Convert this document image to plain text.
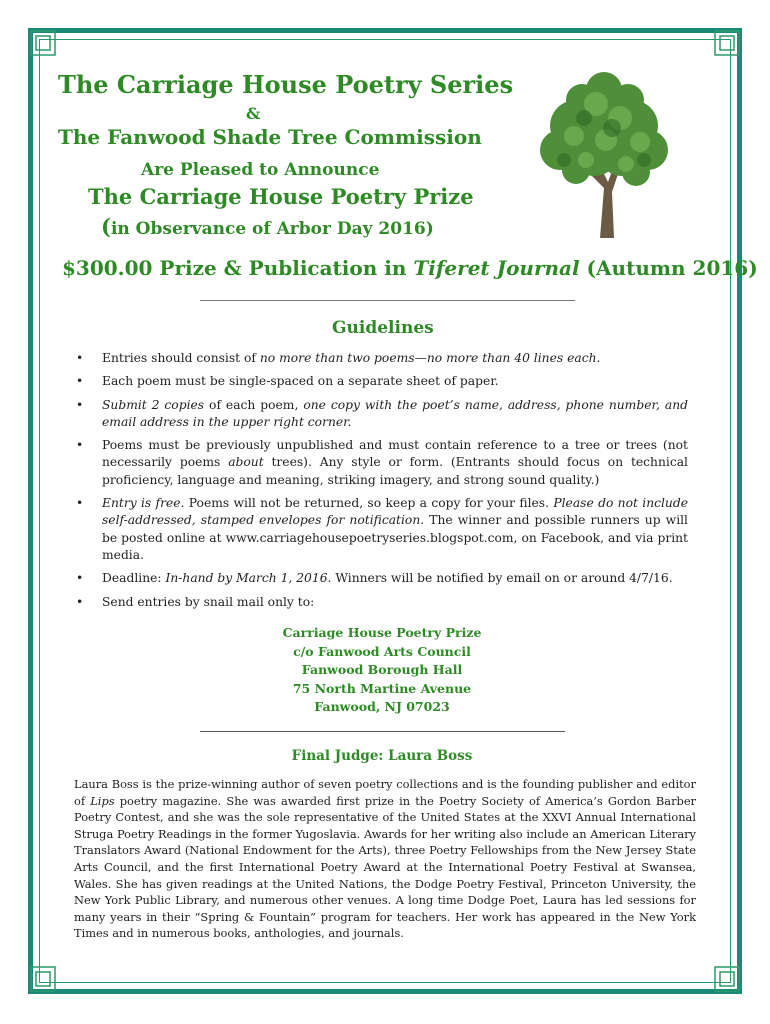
The Carriage House Poetry Series
&
The Fanwood Shade Tree Commission
Are Pleased to Announce
The Carriage House Poetry Prize
(in Observance of Arbor Day 2016)
$300.00 Prize & Publication in Tiferet Journal (Autumn 2016)
Guidelines
• Entries should consist of no more than two poems—no more than 40 lines each.
• Each poem must be single-spaced on a separate sheet of paper.
• Submit 2 copies of each poem, one copy with the poet’s name, address, phone number, and email address in the upper right corner.
• Poems must be previously unpublished and must contain reference to a tree or trees (not necessarily poems about trees). Any style or form. (Entrants should focus on technical proficiency, language and meaning, striking imagery, and strong sound quality.)
• Entry is free. Poems will not be returned, so keep a copy for your files. Please do not include self-addressed, stamped envelopes for notification. The winner and possible runners up will be posted online at www.carriagehousepoetryseries.blogspot.com, on Facebook, and via print media.
• Deadline: In-hand by March 1, 2016. Winners will be notified by email on or around 4/7/16.
• Send entries by snail mail only to:
Carriage House Poetry Prize
c/o Fanwood Arts Council
Fanwood Borough Hall
75 North Martine Avenue
Fanwood, NJ 07023
Final Judge: Laura Boss

Laura Boss is the prize-winning author of seven poetry collections and is the founding publisher and editor of Lips poetry magazine. She was awarded first prize in the Poetry Society of America’s Gordon Barber Poetry Contest, and she was the sole representative of the United States at the XXVI Annual International Struga Poetry Readings in the former Yugoslavia. Awards for her writing also include an American Literary Translators Award (National Endowment for the Arts), three Poetry Fellowships from the New Jersey State Arts Council, and the first International Poetry Award at the International Poetry Festival at Swansea, Wales. She has given readings at the United Nations, the Dodge Poetry Festival, Princeton University, the New York Public Library, and numerous other venues. A long time Dodge Poet, Laura has led sessions for many years in their “Spring & Fountain” program for teachers. Her work has appeared in the New York Times and in numerous books, anthologies, and journals.
